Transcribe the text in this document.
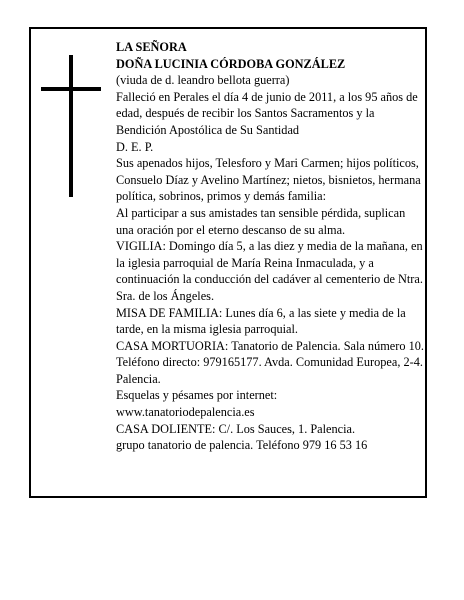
LA SEÑORA

DOÑA LUCINIA CÓRDOBA GONZÁLEZ

(viuda de d. leandro bellota guerra)

Falleció en Perales el día 4 de junio de 2011, a los 95 años de edad, después de recibir los Santos Sacramentos y la Bendición Apostólica de Su Santidad

D. E. P.

Sus apenados hijos, Telesforo y Mari Carmen; hijos políticos, Consuelo Díaz y Avelino Martínez; nietos, bisnietos, hermana política, sobrinos, primos y demás familia:

Al participar a sus amistades tan sensible pérdida, suplican una oración por el eterno descanso de su alma.

VIGILIA: Domingo día 5, a las diez y media de la mañana, en la iglesia parroquial de María Reina Inmaculada, y a continuación la conducción del cadáver al cementerio de Ntra. Sra. de los Ángeles.

MISA DE FAMILIA: Lunes día 6, a las siete y media de la tarde, en la misma iglesia parroquial.

CASA MORTUORIA: Tanatorio de Palencia. Sala número 10. Teléfono directo: 979165177. Avda. Comunidad Europea, 2-4. Palencia.

Esquelas y pésames por internet:

www.tanatoriodepalencia.es

CASA DOLIENTE: C/. Los Sauces, 1. Palencia.

grupo tanatorio de palencia. Teléfono 979 16 53 16
